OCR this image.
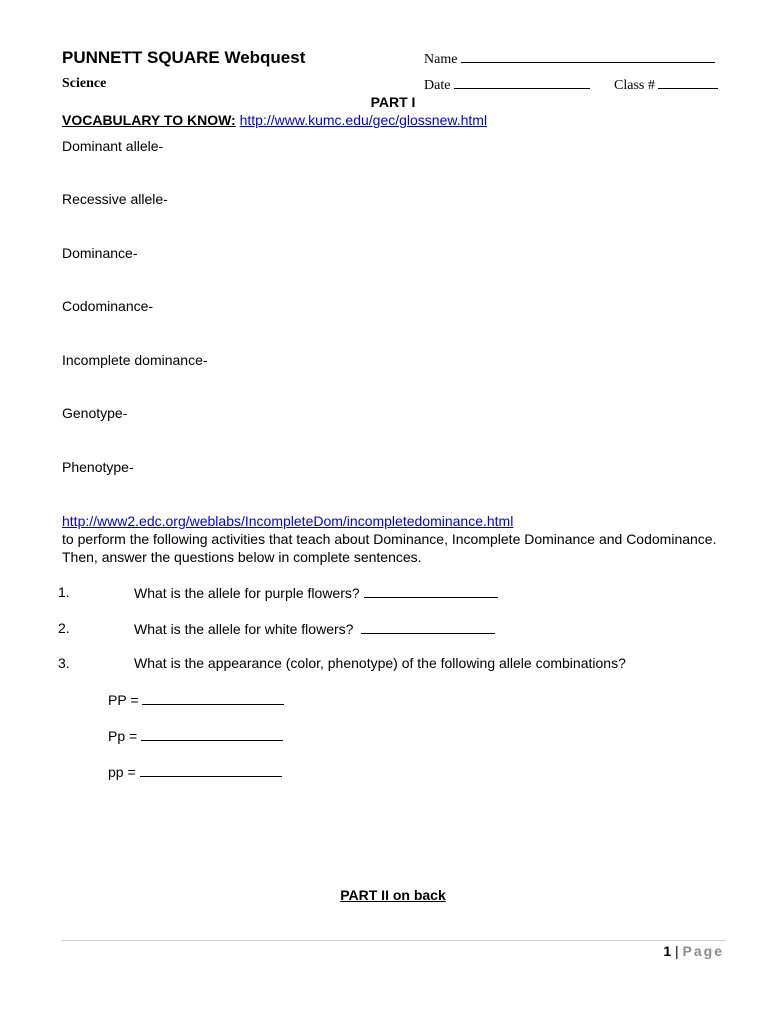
PUNNETT SQUARE Webquest
Science
Name
Date	Class #
PART I
VOCABULARY TO KNOW: http://www.kumc.edu/gec/glossnew.html
Dominant allele-
Recessive allele-
Dominance-
Codominance-
Incomplete dominance-
Genotype-
Phenotype-
http://www2.edc.org/weblabs/IncompleteDom/incompletedominance.html
to perform the following activities that teach about Dominance, Incomplete Dominance and Codominance. Then, answer the questions below in complete sentences.
1.	What is the allele for purple flowers?
2.	What is the allele for white flowers?
3.	What is the appearance (color, phenotype) of the following allele combinations?
PP =
Pp =
pp =
PART II on back
1 | Page
